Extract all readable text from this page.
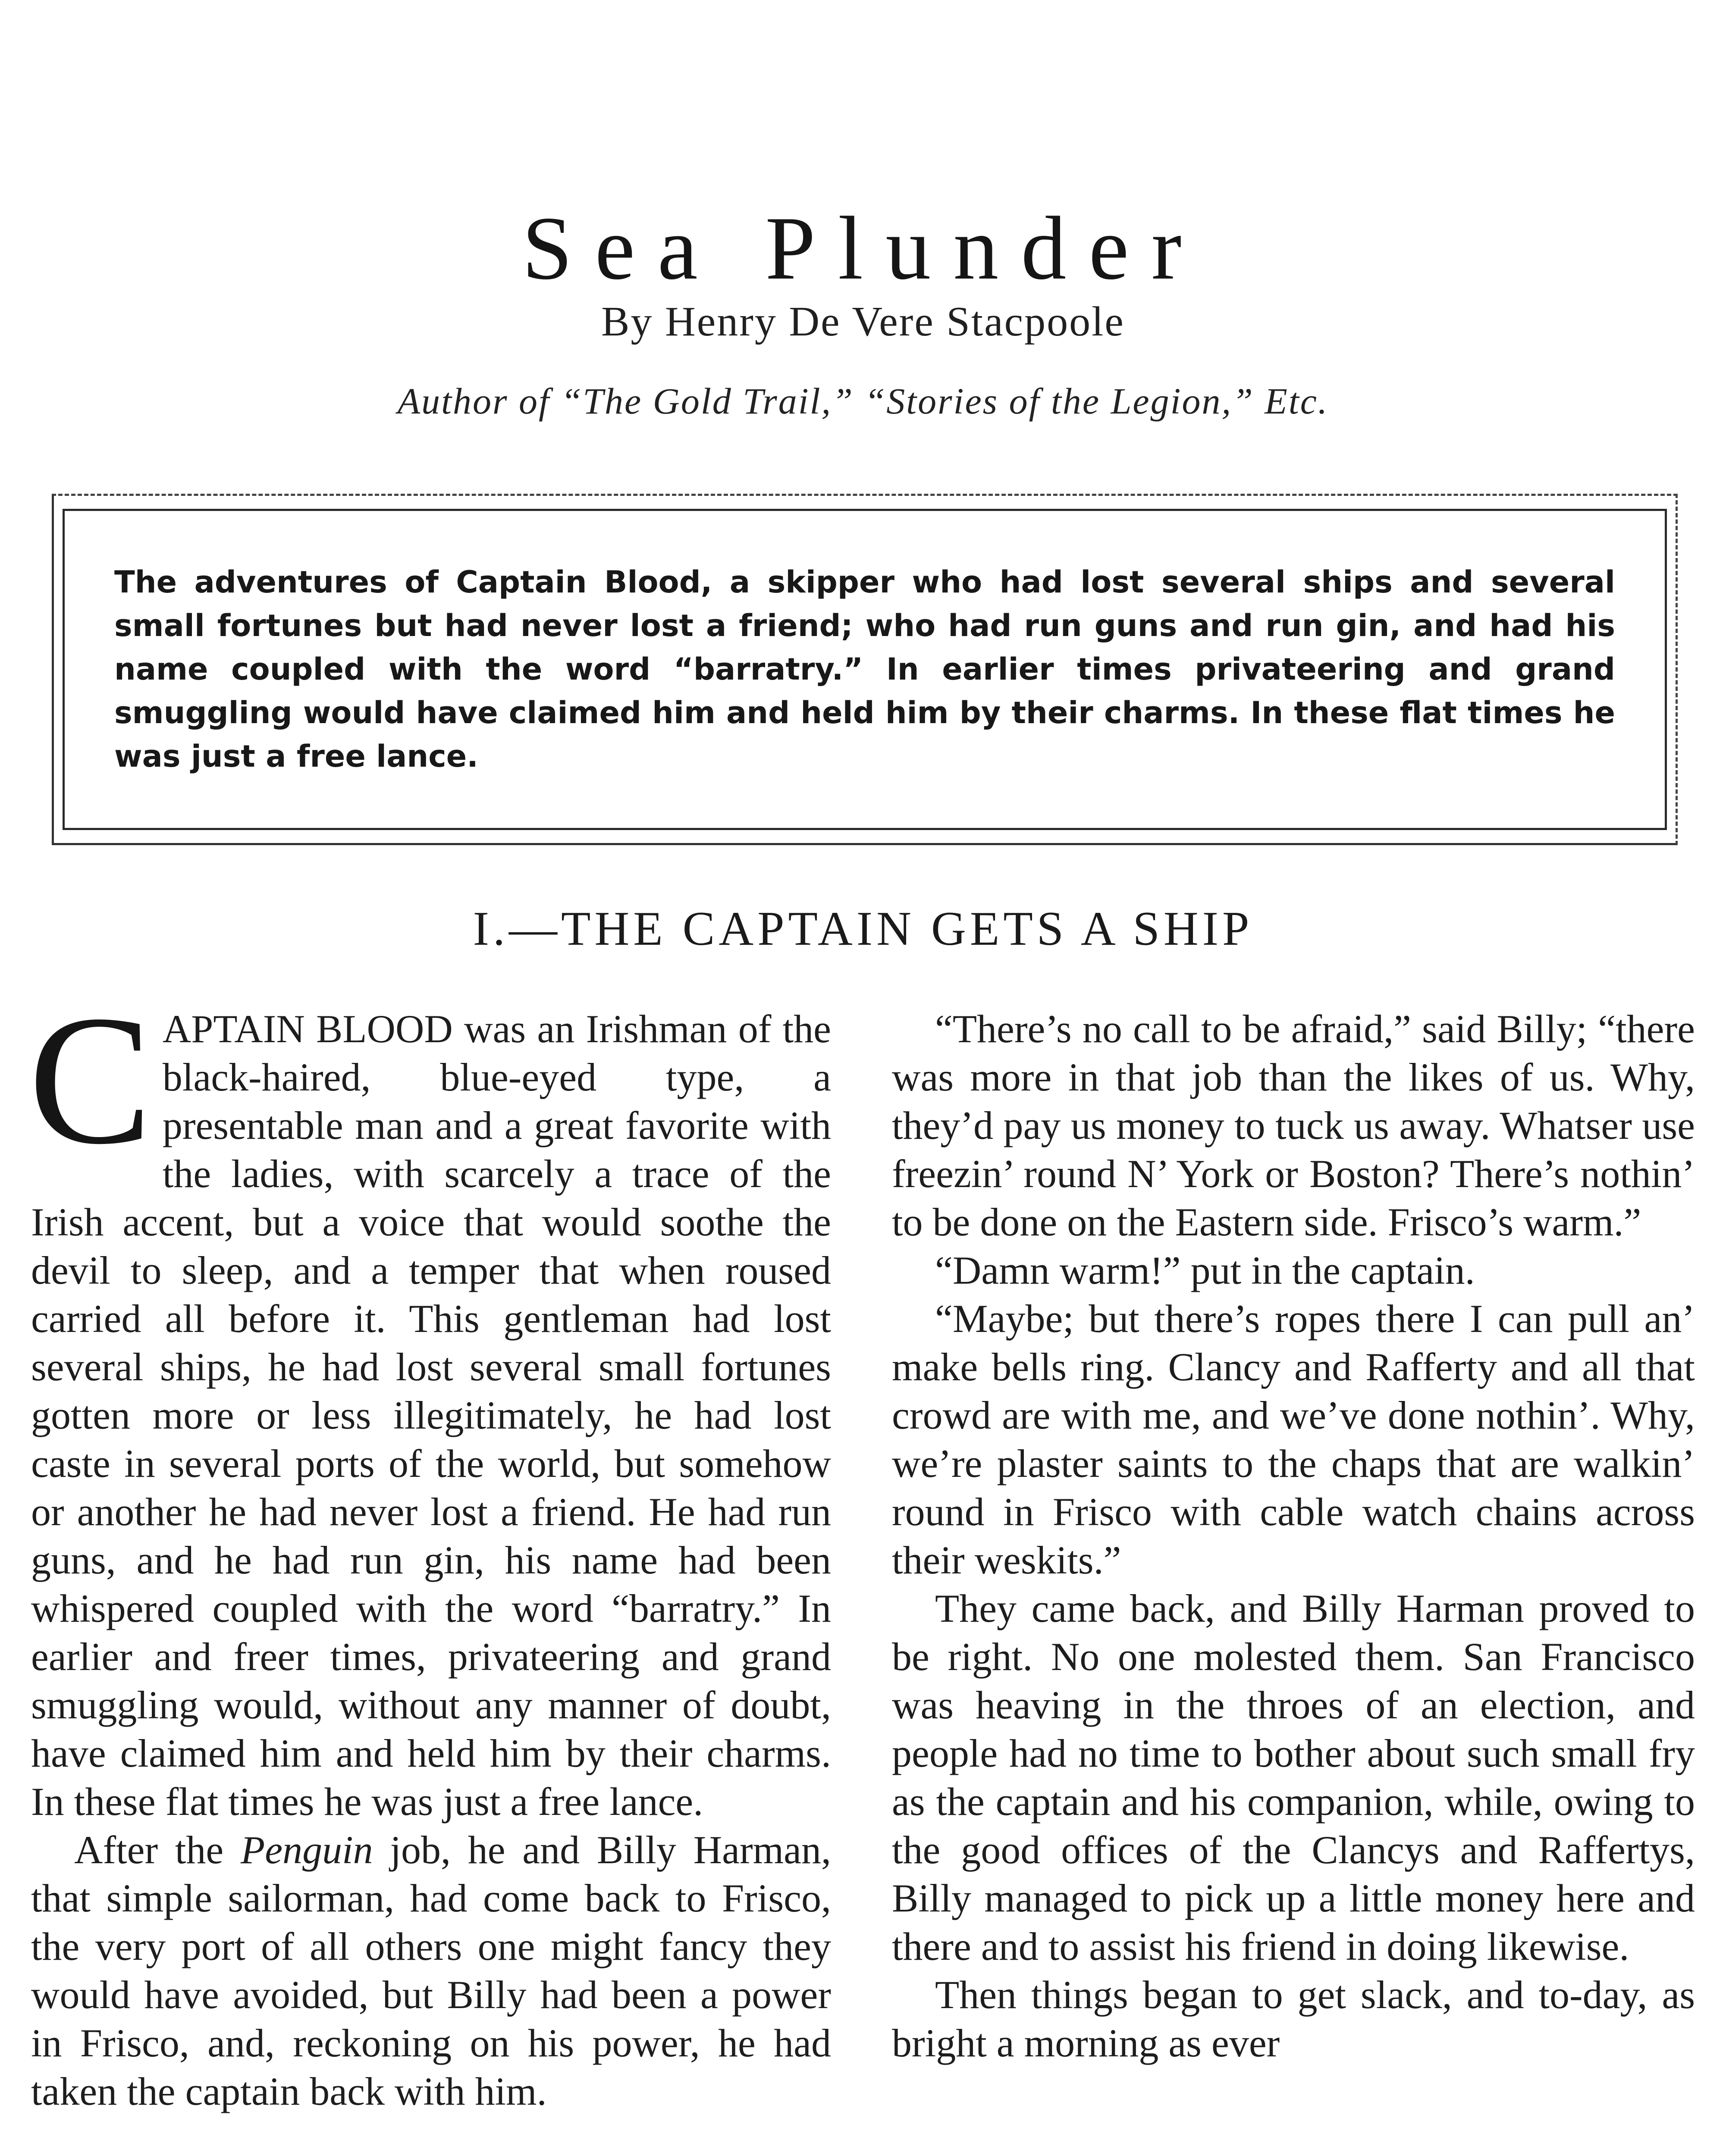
Sea Plunder
By Henry De Vere Stacpoole
Author of “The Gold Trail,” “Stories of the Legion,” Etc.
The adventures of Captain Blood, a skipper who had lost several ships and several small fortunes but had never lost a friend; who had run guns and run gin, and had his name coupled with the word “barratry.” In earlier times privateering and grand smuggling would have claimed him and held him by their charms. In these flat times he was just a free lance.
I.—THE CAPTAIN GETS A SHIP

CAPTAIN BLOOD was an Irishman of the black-haired, blue-eyed type, a presentable man and a great favorite with the ladies, with scarcely a trace of the Irish accent, but a voice that would soothe the devil to sleep, and a temper that when roused carried all before it. This gentleman had lost several ships, he had lost several small fortunes gotten more or less illegitimately, he had lost caste in several ports of the world, but somehow or another he had never lost a friend. He had run guns, and he had run gin, his name had been whispered coupled with the word “barratry.” In earlier and freer times, privateering and grand smuggling would, without any manner of doubt, have claimed him and held him by their charms. In these flat times he was just a free lance.

After the Penguin job, he and Billy Harman, that simple sailorman, had come back to Frisco, the very port of all others one might fancy they would have avoided, but Billy had been a power in Frisco, and, reckoning on his power, he had taken the captain back with him.

“There’s no call to be afraid,” said Billy; “there was more in that job than the likes of us. Why, they’d pay us money to tuck us away. Whatser use freezin’ round N’ York or Boston? There’s nothin’ to be done on the Eastern side. Frisco’s warm.”

“Damn warm!” put in the captain.

“Maybe; but there’s ropes there I can pull an’ make bells ring. Clancy and Rafferty and all that crowd are with me, and we’ve done nothin’. Why, we’re plaster saints to the chaps that are walkin’ round in Frisco with cable watch chains across their weskits.”

They came back, and Billy Harman proved to be right. No one molested them. San Francisco was heaving in the throes of an election, and people had no time to bother about such small fry as the captain and his companion, while, owing to the good offices of the Clancys and Raffertys, Billy managed to pick up a little money here and there and to assist his friend in doing likewise.

Then things began to get slack, and to-day, as bright a morning as ever
